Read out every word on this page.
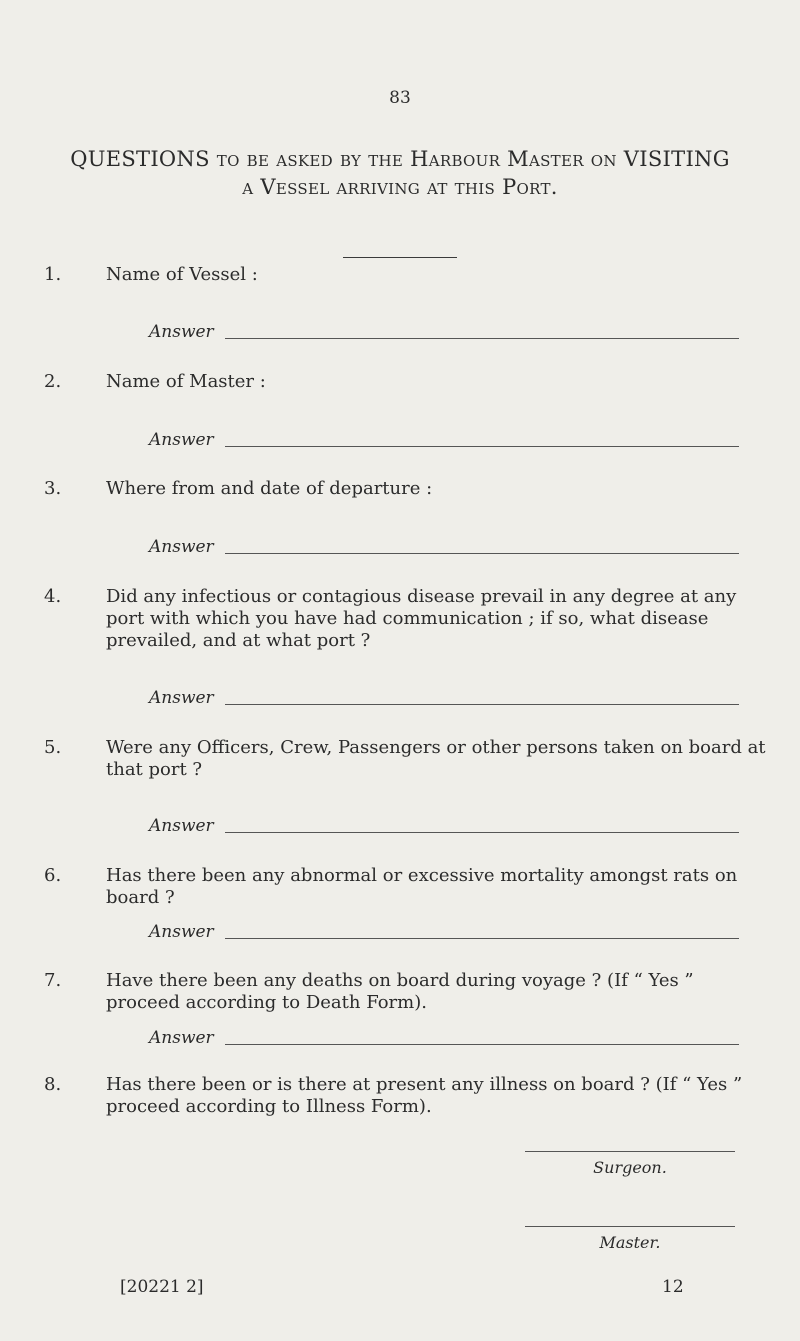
83
QUESTIONS to be asked by the Harbour Master on VISITING
a Vessel arriving at this Port.
1.	Name of Vessel :
Answer
2.	Name of Master :
Answer
3.	Where from and date of departure :
Answer
4.	Did any infectious or contagious disease prevail in any degree at any port with which you have had communication ; if so, what disease prevailed, and at what port ?
Answer
5.	Were any Officers, Crew, Passengers or other persons taken on board at that port ?
Answer
6.	Has there been any abnormal or excessive mortality amongst rats on board ?
Answer
7.	Have there been any deaths on board during voyage ? (If “ Yes ” proceed according to Death Form).
Answer
8.	Has there been or is there at present any illness on board ? (If “ Yes ” proceed according to Illness Form).
Surgeon.
Master.
[20221 2]	12
